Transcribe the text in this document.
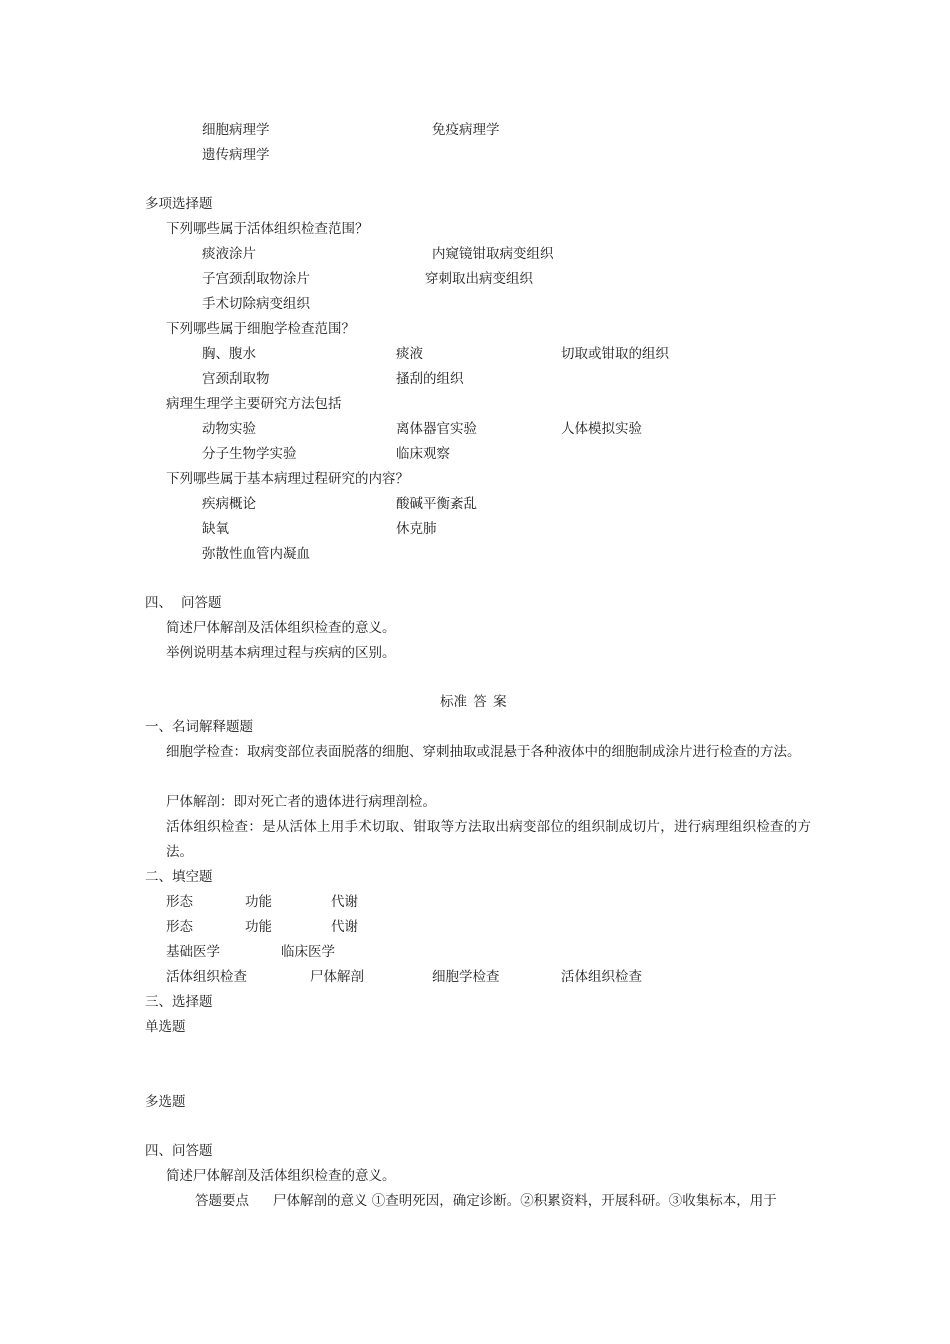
细胞病理学	免疫病理学
遗传病理学
多项选择题
下列哪些属于活体组织检查范围？
痰液涂片	内窥镜钳取病变组织
子宫颈刮取物涂片	穿刺取出病变组织
手术切除病变组织
下列哪些属于细胞学检查范围？
胸、腹水	痰液	切取或钳取的组织
宫颈刮取物	搔刮的组织
病理生理学主要研究方法包括
动物实验	离体器官实验	人体模拟实验
分子生物学实验	临床观察
下列哪些属于基本病理过程研究的内容？
疾病概论	酸碱平衡紊乱
缺氧	休克肺
弥散性血管内凝血
四、 问答题
简述尸体解剖及活体组织检查的意义。
举例说明基本病理过程与疾病的区别。
标准 答 案
一、名词解释题题
细胞学检查：取病变部位表面脱落的细胞、穿刺抽取或混悬于各种液体中的细胞制成涂片进行检查的方法。
尸体解剖：即对死亡者的遗体进行病理剖检。
活体组织检查：是从活体上用手术切取、钳取等方法取出病变部位的组织制成切片，进行病理组织检查的方法。
二、填空题
形态	功能	代谢
形态	功能	代谢
基础医学	临床医学
活体组织检查	尸体解剖	细胞学检查	活体组织检查
三、选择题
单选题
多选题
四、问答题
简述尸体解剖及活体组织检查的意义。
答题要点 尸体解剖的意义 ①查明死因，确定诊断。②积累资料，开展科研。③收集标本，用于
